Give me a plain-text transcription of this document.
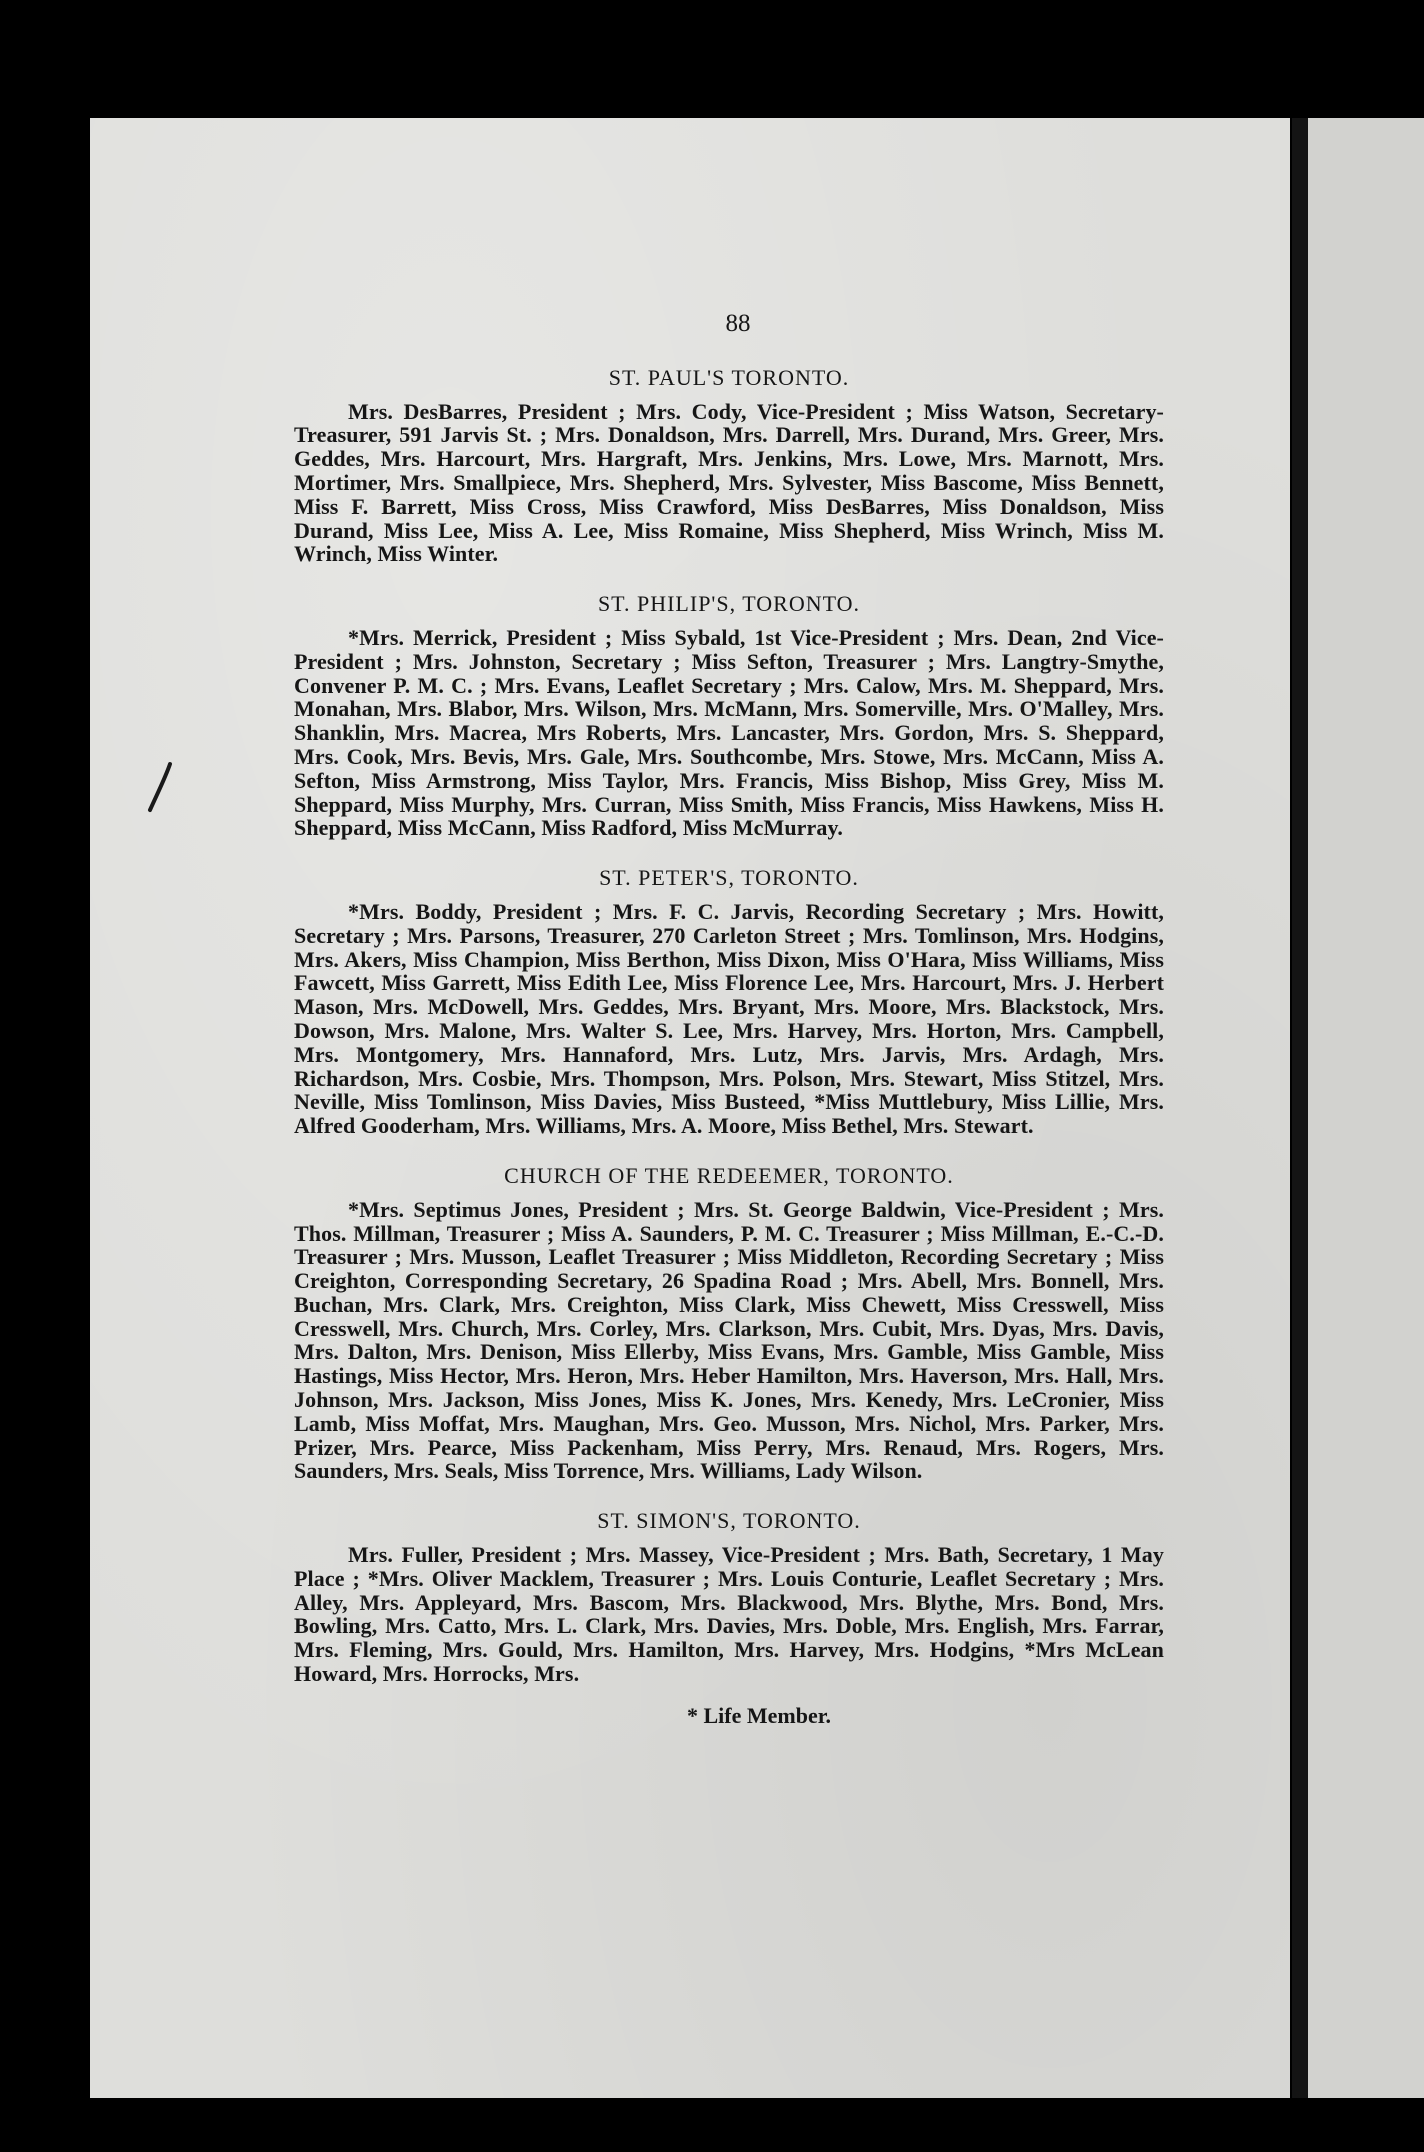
88
ST. PAUL'S TORONTO.
Mrs. DesBarres, President ; Mrs. Cody, Vice-President ; Miss Watson, Secretary-Treasurer, 591 Jarvis St. ; Mrs. Donaldson, Mrs. Darrell, Mrs. Durand, Mrs. Greer, Mrs. Geddes, Mrs. Harcourt, Mrs. Hargraft, Mrs. Jenkins, Mrs. Lowe, Mrs. Marnott, Mrs. Mortimer, Mrs. Smallpiece, Mrs. Shepherd, Mrs. Sylvester, Miss Bascome, Miss Bennett, Miss F. Barrett, Miss Cross, Miss Crawford, Miss DesBarres, Miss Donaldson, Miss Durand, Miss Lee, Miss A. Lee, Miss Romaine, Miss Shepherd, Miss Wrinch, Miss M. Wrinch, Miss Winter.
ST. PHILIP'S, TORONTO.
*Mrs. Merrick, President ; Miss Sybald, 1st Vice-President ; Mrs. Dean, 2nd Vice-President ; Mrs. Johnston, Secretary ; Miss Sefton, Treasurer ; Mrs. Langtry-Smythe, Convener P. M. C. ; Mrs. Evans, Leaflet Secretary ; Mrs. Calow, Mrs. M. Sheppard, Mrs. Monahan, Mrs. Blabor, Mrs. Wilson, Mrs. McMann, Mrs. Somerville, Mrs. O'Malley, Mrs. Shanklin, Mrs. Macrea, Mrs Roberts, Mrs. Lancaster, Mrs. Gordon, Mrs. S. Sheppard, Mrs. Cook, Mrs. Bevis, Mrs. Gale, Mrs. Southcombe, Mrs. Stowe, Mrs. McCann, Miss A. Sefton, Miss Armstrong, Miss Taylor, Mrs. Francis, Miss Bishop, Miss Grey, Miss M. Sheppard, Miss Murphy, Mrs. Curran, Miss Smith, Miss Francis, Miss Hawkens, Miss H. Sheppard, Miss McCann, Miss Radford, Miss McMurray.
ST. PETER'S, TORONTO.
*Mrs. Boddy, President ; Mrs. F. C. Jarvis, Recording Secretary ; Mrs. Howitt, Secretary ; Mrs. Parsons, Treasurer, 270 Carleton Street ; Mrs. Tomlinson, Mrs. Hodgins, Mrs. Akers, Miss Champion, Miss Berthon, Miss Dixon, Miss O'Hara, Miss Williams, Miss Fawcett, Miss Garrett, Miss Edith Lee, Miss Florence Lee, Mrs. Harcourt, Mrs. J. Herbert Mason, Mrs. McDowell, Mrs. Geddes, Mrs. Bryant, Mrs. Moore, Mrs. Blackstock, Mrs. Dowson, Mrs. Malone, Mrs. Walter S. Lee, Mrs. Harvey, Mrs. Horton, Mrs. Campbell, Mrs. Montgomery, Mrs. Hannaford, Mrs. Lutz, Mrs. Jarvis, Mrs. Ardagh, Mrs. Richardson, Mrs. Cosbie, Mrs. Thompson, Mrs. Polson, Mrs. Stewart, Miss Stitzel, Mrs. Neville, Miss Tomlinson, Miss Davies, Miss Busteed, *Miss Muttlebury, Miss Lillie, Mrs. Alfred Gooderham, Mrs. Williams, Mrs. A. Moore, Miss Bethel, Mrs. Stewart.
CHURCH OF THE REDEEMER, TORONTO.
*Mrs. Septimus Jones, President ; Mrs. St. George Baldwin, Vice-President ; Mrs. Thos. Millman, Treasurer ; Miss A. Saunders, P. M. C. Treasurer ; Miss Millman, E.-C.-D. Treasurer ; Mrs. Musson, Leaflet Treasurer ; Miss Middleton, Recording Secretary ; Miss Creighton, Corresponding Secretary, 26 Spadina Road ; Mrs. Abell, Mrs. Bonnell, Mrs. Buchan, Mrs. Clark, Mrs. Creighton, Miss Clark, Miss Chewett, Miss Cresswell, Miss Cresswell, Mrs. Church, Mrs. Corley, Mrs. Clarkson, Mrs. Cubit, Mrs. Dyas, Mrs. Davis, Mrs. Dalton, Mrs. Denison, Miss Ellerby, Miss Evans, Mrs. Gamble, Miss Gamble, Miss Hastings, Miss Hector, Mrs. Heron, Mrs. Heber Hamilton, Mrs. Haverson, Mrs. Hall, Mrs. Johnson, Mrs. Jackson, Miss Jones, Miss K. Jones, Mrs. Kenedy, Mrs. LeCronier, Miss Lamb, Miss Moffat, Mrs. Maughan, Mrs. Geo. Musson, Mrs. Nichol, Mrs. Parker, Mrs. Prizer, Mrs. Pearce, Miss Packenham, Miss Perry, Mrs. Renaud, Mrs. Rogers, Mrs. Saunders, Mrs. Seals, Miss Torrence, Mrs. Williams, Lady Wilson.
ST. SIMON'S, TORONTO.
Mrs. Fuller, President ; Mrs. Massey, Vice-President ; Mrs. Bath, Secretary, 1 May Place ; *Mrs. Oliver Macklem, Treasurer ; Mrs. Louis Conturie, Leaflet Secretary ; Mrs. Alley, Mrs. Appleyard, Mrs. Bascom, Mrs. Blackwood, Mrs. Blythe, Mrs. Bond, Mrs. Bowling, Mrs. Catto, Mrs. L. Clark, Mrs. Davies, Mrs. Doble, Mrs. English, Mrs. Farrar, Mrs. Fleming, Mrs. Gould, Mrs. Hamilton, Mrs. Harvey, Mrs. Hodgins, *Mrs McLean Howard, Mrs. Horrocks, Mrs.
* Life Member.
